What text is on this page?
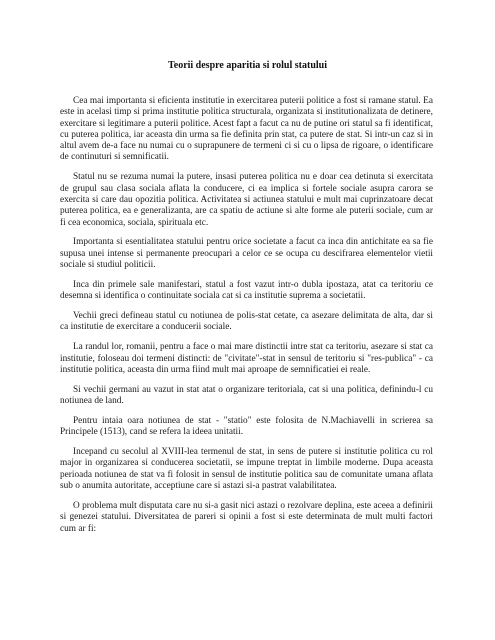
Teorii despre aparitia si rolul statului

Cea mai importanta si eficienta institutie in exercitarea puterii politice a fost si ramane statul. Ea este in acelasi timp si prima institutie politica structurala, organizata si institutionalizata de detinere, exercitare si legitimare a puterii politice. Acest fapt a facut ca nu de putine ori statul sa fi identificat, cu puterea politica, iar aceasta din urma sa fie definita prin stat, ca putere de stat. Si intr-un caz si in altul avem de-a face nu numai cu o suprapunere de termeni ci si cu o lipsa de rigoare, o identificare de continuturi si semnificatii.

Statul nu se rezuma numai la putere, insasi puterea politica nu e doar cea detinuta si exercitata de grupul sau clasa sociala aflata la conducere, ci ea implica si fortele sociale asupra carora se exercita si care dau opozitia politica. Activitatea si actiunea statului e mult mai cuprinzatoare decat puterea politica, ea e generalizanta, are ca spatiu de actiune si alte forme ale puterii sociale, cum ar fi cea economica, sociala, spirituala etc.

Importanta si esentialitatea statului pentru orice societate a facut ca inca din antichitate ea sa fie supusa unei intense si permanente preocupari a celor ce se ocupa cu descifrarea elementelor vietii sociale si studiul politicii.

Inca din primele sale manifestari, statul a fost vazut intr-o dubla ipostaza, atat ca teritoriu ce desemna si identifica o continuitate sociala cat si ca institutie suprema a societatii.

Vechii greci defineau statul cu notiunea de polis-stat cetate, ca asezare delimitata de alta, dar si ca institutie de exercitare a conducerii sociale.

La randul lor, romanii, pentru a face o mai mare distinctii intre stat ca teritoriu, asezare si stat ca institutie, foloseau doi termeni distincti: de "civitate"-stat in sensul de teritoriu si "res-publica" - ca institutie politica, aceasta din urma fiind mult mai aproape de semnificatiei ei reale.

Si vechii germani au vazut in stat atat o organizare teritoriala, cat si una politica, definindu-l cu notiunea de land.

Pentru intaia oara notiunea de stat - "statio" este folosita de N.Machiavelli in scrierea sa Principele (1513), cand se refera la ideea unitatii.

Incepand cu secolul al XVIII-lea termenul de stat, in sens de putere si institutie politica cu rol major in organizarea si conducerea societatii, se impune treptat in limbile moderne. Dupa aceasta perioada notiunea de stat va fi folosit in sensul de institutie politica sau de comunitate umana aflata sub o anumita autoritate, acceptiune care si astazi si-a pastrat valabilitatea.

O problema mult disputata care nu si-a gasit nici astazi o rezolvare deplina, este aceea a definirii si genezei statului. Diversitatea de pareri si opinii a fost si este determinata de mult multi factori cum ar fi:
